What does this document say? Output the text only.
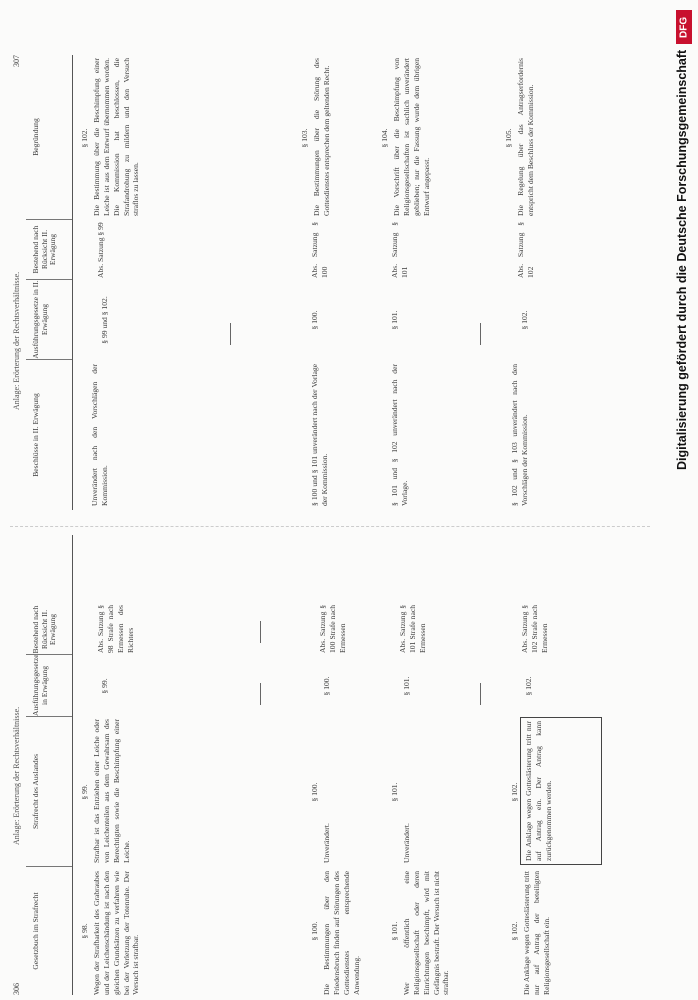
DFG
Digitalisierung gefördert durch die Deutsche Forschungsgemeinschaft
306
Anlage: Erörterung der Rechtsverhältnisse.
Gesetzbuch im Strafrecht
Strafrecht des Auslandes
Ausführungsgesetze in Erwägung
Bestehend nach Rücksicht II. Erwägung
§ 98. Wegen der Strafbarkeit des Grabraubes und der Leichenschändung ist nach den gleichen Grundsätzen zu verfahren wie bei der Verletzung der Totenruhe. Der Versuch ist strafbar.
§ 99. Strafbar ist das Entziehen einer Leiche oder von Leichenteilen aus dem Gewahrsam des Berechtigten sowie die Beschimpfung einer Leiche.
§ 99.
Abs. Satzung § 98 Strafe nach Ermessen des Richters
§ 100. Die Bestimmungen über den Friedensbruch finden auf Störungen des Gottesdienstes entsprechende Anwendung.
§ 100.
Unverändert.
§ 100.
Abs. Satzung § 100 Strafe nach Ermessen
§ 101. Wer öffentlich eine Religionsgesellschaft oder deren Einrichtungen beschimpft, wird mit Gefängnis bestraft. Der Versuch ist nicht strafbar.
§ 101.
Unverändert.
§ 101.
Abs. Satzung § 101 Strafe nach Ermessen
§ 102. Die Anklage wegen Gotteslästerung tritt nur auf Antrag der beteiligten Religionsgesellschaft ein.
§ 102. Die Anklage wegen Gotteslästerung tritt nur auf Antrag ein. Der Antrag kann zurückgenommen werden.
§ 102.
Abs. Satzung § 102 Strafe nach Ermessen
Anlage: Erörterung der Rechtsverhältnisse.
307
Beschlüsse in II. Erwägung
Ausführungsgesetze in II. Erwägung
Bestehend nach Rücksicht II. Erwägung
Begründung
Unverändert nach den Vorschlägen der Kommission.
§ 99 und § 102.
Abs. Satzung § 99
§ 102. Die Bestimmung über die Beschimpfung einer Leiche ist aus dem Entwurf übernommen worden. Die Kommission hat beschlossen, die Strafandrohung zu mildern und den Versuch straflos zu lassen.
§ 100 und § 101 unverändert nach der Vorlage der Kommission.
§ 100.
Abs. Satzung § 100
§ 103. Die Bestimmungen über die Störung des Gottesdienstes entsprechen dem geltenden Recht.
§ 101 und § 102 unverändert nach der Vorlage.
§ 101.
Abs. Satzung § 101
§ 104. Die Vorschrift über die Beschimpfung von Religionsgesellschaften ist sachlich unverändert geblieben; nur die Fassung wurde dem übrigen Entwurf angepasst.
§ 102 und § 103 unverändert nach den Vorschlägen der Kommission.
§ 102.
Abs. Satzung § 102
§ 105. Die Regelung über das Antragserfordernis entspricht dem Beschluss der Kommission.
